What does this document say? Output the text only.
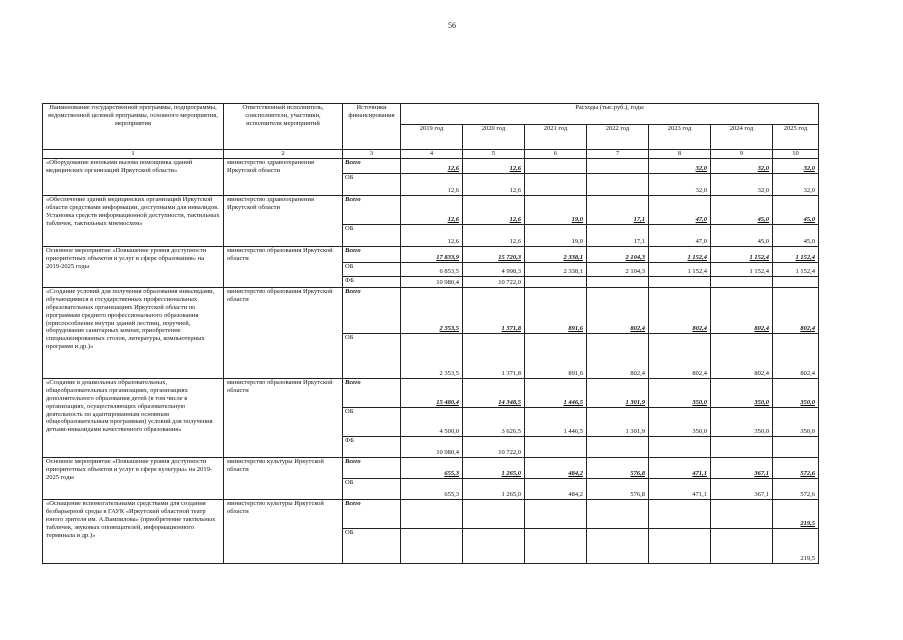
56
Наименование государственной программы, подпрограммы, ведомственной целевой программы, основного мероприятия, мероприятия	Ответственный исполнитель, соисполнители, участники, исполнители мероприятий	Источники финансирования	Расходы (тыс.руб.), годы						
			2019 год	2020 год	2021 год	2022 год	2023 год	2024 год	2025 год
1	2	3	4	5	6	7	8	9	10
«Оборудование кнопками вызова помощника зданий медицинских организаций Иркутской области»	министерство здравоохранения Иркутской области	Всего	12,6	12,6			32,0	32,0	32,0
		ОБ	12,6	12,6			32,0	32,0	32,0
«Обеспечение зданий медицинских организаций Иркутской области средствами информации, доступными для инвалидов. Установка средств информационной доступности, тактильных табличек, тактильных мнемосхем»	министерство здравоохранения Иркутской области	Всего	12,6	12,6	19,0	17,1	47,0	45,0	45,0
		ОБ	12,6	12,6	19,0	17,1	47,0	45,0	45,0
Основное мероприятие «Повышение уровня доступности приоритетных объектов и услуг в сфере образования» на 2019-2025 годы	министерство образования Иркутской области	Всего	17 833,9	15 720,3	2 338,1	2 104,3	1 152,4	1 152,4	1 152,4
		ОБ	6 853,5	4 998,3	2 338,1	2 104,3	1 152,4	1 152,4	1 152,4
		ФБ	10 980,4	10 722,0					
«Создание условий для получения образования инвалидами, обучающимися в государственных профессиональных образовательных организациях Иркутской области по программам среднего профессионального образования (приспособление внутри зданий лестниц, поручней, оборудование санитарных комнат, приобретение специализированных столов, литературы, компьютерных программ и др.)»	министерство образования Иркутской области	Всего	2 353,5	1 371,8	891,6	802,4	802,4	802,4	802,4
		ОБ	2 353,5	1 371,8	891,6	802,4	802,4	802,4	802,4
«Создание в дошкольных образовательных, общеобразовательных организациях, организациях дополнительного образования детей (в том числе в организациях, осуществляющих образовательную деятельность по адаптированным основным общеобразовательным программам) условий для получения детьми-инвалидами качественного образования»	министерство образования Иркутской области	Всего	15 480,4	14 348,5	1 446,5	1 301,9	350,0	350,0	350,0
		ОБ	4 500,0	3 626,5	1 446,5	1 301,9	350,0	350,0	350,0
		ФБ	10 980,4	10 722,0					
Основное мероприятие «Повышение уровня доступности приоритетных объектов и услуг в сфере культуры» на 2019-2025 годы	министерство культуры Иркутской области	Всего	655,3	1 265,0	484,2	576,8	471,1	367,1	572,6
		ОБ	655,3	1 265,0	484,2	576,8	471,1	367,1	572,6
«Оснащение вспомогательными средствами для создания безбарьерной среды в ГАУК «Иркутский областной театр юного зрителя им. А.Вампилова» (приобретение тактильных табличек, звуковых оповещателей, информационного терминала и др.)»	министерство культуры Иркутской области	Всего							219,5
		ОБ							219,5
